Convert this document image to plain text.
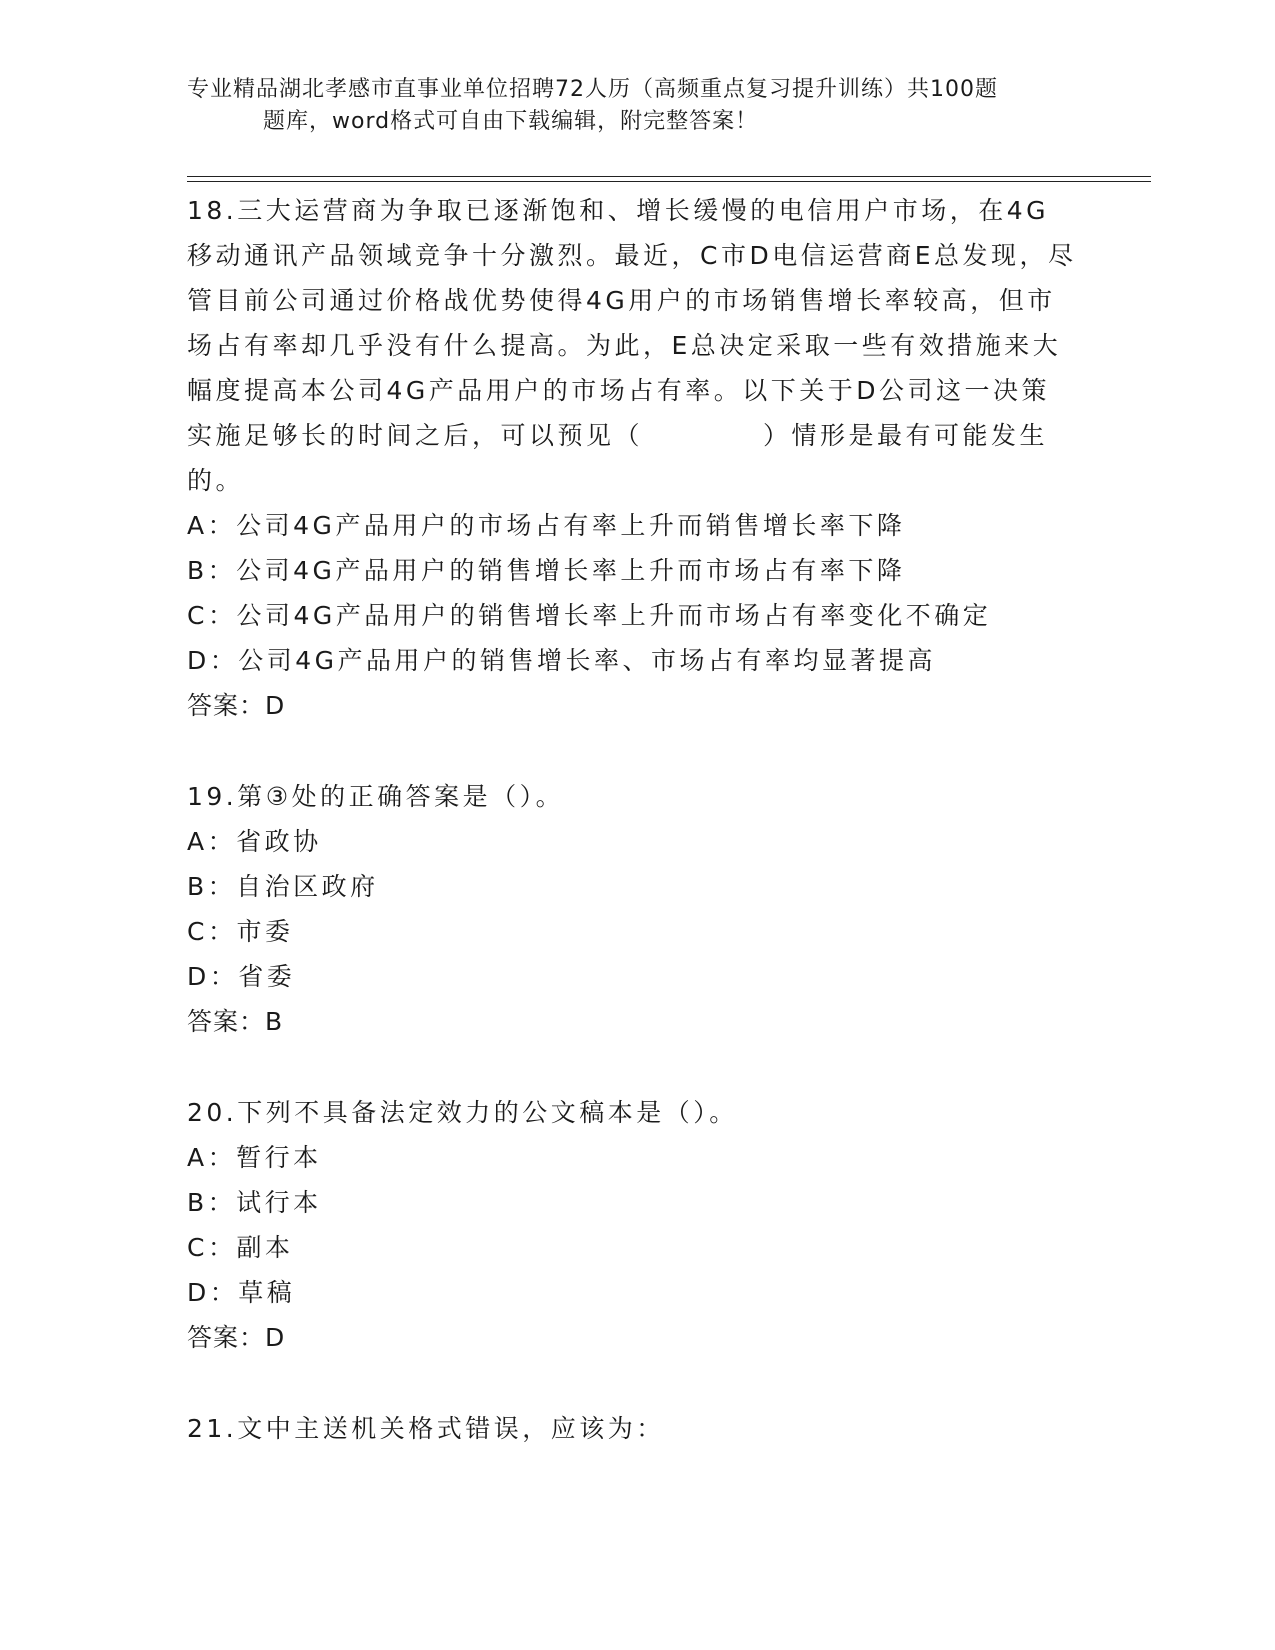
专业精品湖北孝感市直事业单位招聘72人历（高频重点复习提升训练）共100题
题库，word格式可自由下载编辑，附完整答案！

18.三大运营商为争取已逐渐饱和、增长缓慢的电信用户市场，在4G移动通讯产品领域竞争十分激烈。最近，C市D电信运营商E总发现，尽管目前公司通过价格战优势使得4G用户的市场销售增长率较高，但市场占有率却几乎没有什么提高。为此，E总决定采取一些有效措施来大幅度提高本公司4G产品用户的市场占有率。以下关于D公司这一决策实施足够长的时间之后，可以预见（	）情形是最有可能发生的。

A：公司4G产品用户的市场占有率上升而销售增长率下降

B：公司4G产品用户的销售增长率上升而市场占有率下降

C：公司4G产品用户的销售增长率上升而市场占有率变化不确定

D：公司4G产品用户的销售增长率、市场占有率均显著提高

答案：D

19.第③处的正确答案是（）。

A：省政协

B：自治区政府

C：市委

D：省委

答案：B

20.下列不具备法定效力的公文稿本是（）。

A：暂行本

B：试行本

C：副本

D：草稿

答案：D

21.文中主送机关格式错误，应该为：
